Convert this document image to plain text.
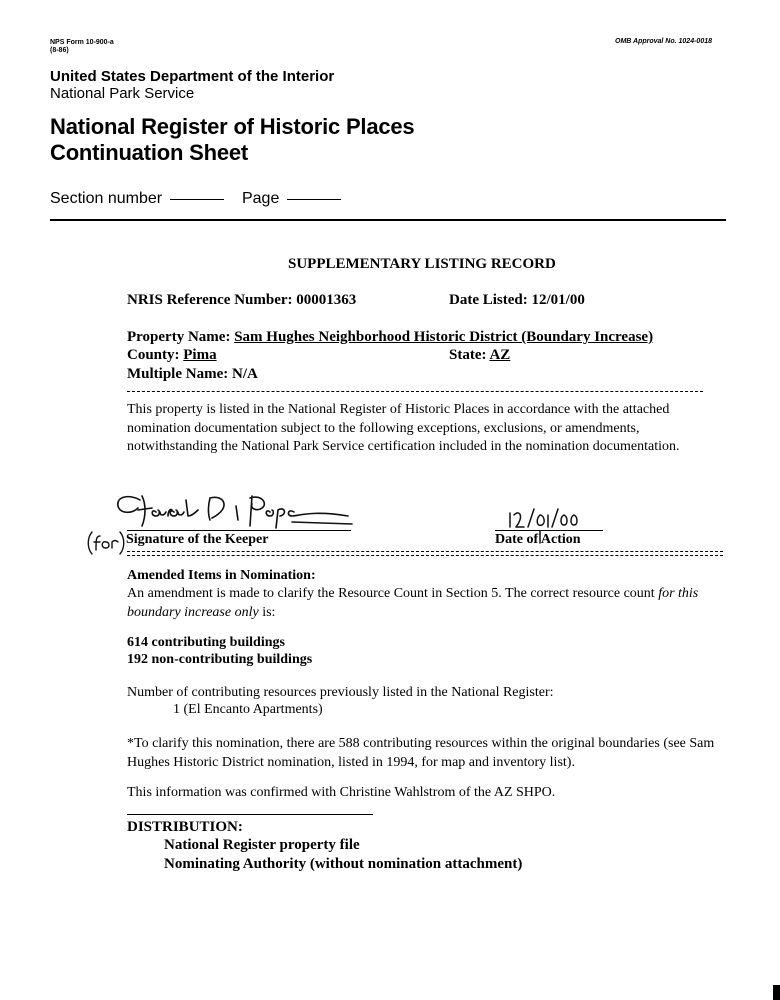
NPS Form 10-900-a
(8-86)
OMB Approval No. 1024-0018
United States Department of the Interior
National Park Service
National Register of Historic Places
Continuation Sheet
Section number	Page
SUPPLEMENTARY LISTING RECORD
NRIS Reference Number: 00001363	Date Listed: 12/01/00
Property Name: Sam Hughes Neighborhood Historic District (Boundary Increase)
County: Pima	State: AZ
Multiple Name: N/A
This property is listed in the National Register of Historic Places in accordance with the attached nomination documentation subject to the following exceptions, exclusions, or amendments, notwithstanding the National Park Service certification included in the nomination documentation.
Signature of the Keeper	Date of Action
Amended Items in Nomination:
An amendment is made to clarify the Resource Count in Section 5. The correct resource count for this boundary increase only is:
614 contributing buildings
192 non-contributing buildings
Number of contributing resources previously listed in the National Register:
1 (El Encanto Apartments)
*To clarify this nomination, there are 588 contributing resources within the original boundaries (see Sam Hughes Historic District nomination, listed in 1994, for map and inventory list).
This information was confirmed with Christine Wahlstrom of the AZ SHPO.
DISTRIBUTION:
National Register property file
Nominating Authority (without nomination attachment)
